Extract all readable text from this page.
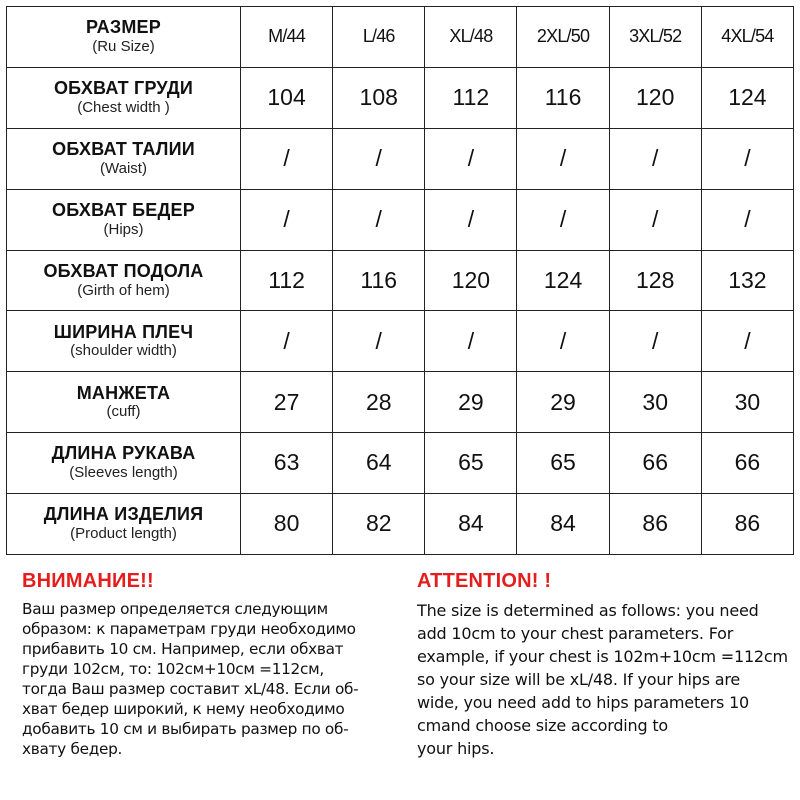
РАЗМЕР
(Ru Size)	M/44	L/46	XL/48	2XL/50	3XL/52	4XL/54

ОБХВАТ ГРУДИ
(Chest width )	104	108	112	116	120	124

ОБХВАТ ТАЛИИ
(Waist)	/	/	/	/	/	/

ОБХВАТ БЕДЕР
(Hips)	/	/	/	/	/	/

ОБХВАТ ПОДОЛА
(Girth of hem)	112	116	120	124	128	132

ШИРИНА ПЛЕЧ
(shoulder width)	/	/	/	/	/	/

МАНЖЕТА
(cuff)	27	28	29	29	30	30

ДЛИНА РУКАВА
(Sleeves length)	63	64	65	65	66	66

ДЛИНА ИЗДЕЛИЯ
(Product length)	80	82	84	84	86	86
ВНИМАНИЕ!!
Ваш размер определяется следующим
образом: к параметрам груди необходимо
прибавить 10 см. Например, если обхват
груди 102см, то: 102см+10см =112см,
тогда Ваш размер составит xL/48. Если об-
хват бедер широкий, к нему необходимо
добавить 10 см и выбирать размер по об-
хвату бедер.
ATTENTION! !
The size is determined as follows: you need
add 10cm to your chest parameters. For
example, if your chest is 102m+10cm =112cm
so your size will be xL/48. If your hips are
wide, you need add to hips parameters 10
cmand choose size according to
your hips.
